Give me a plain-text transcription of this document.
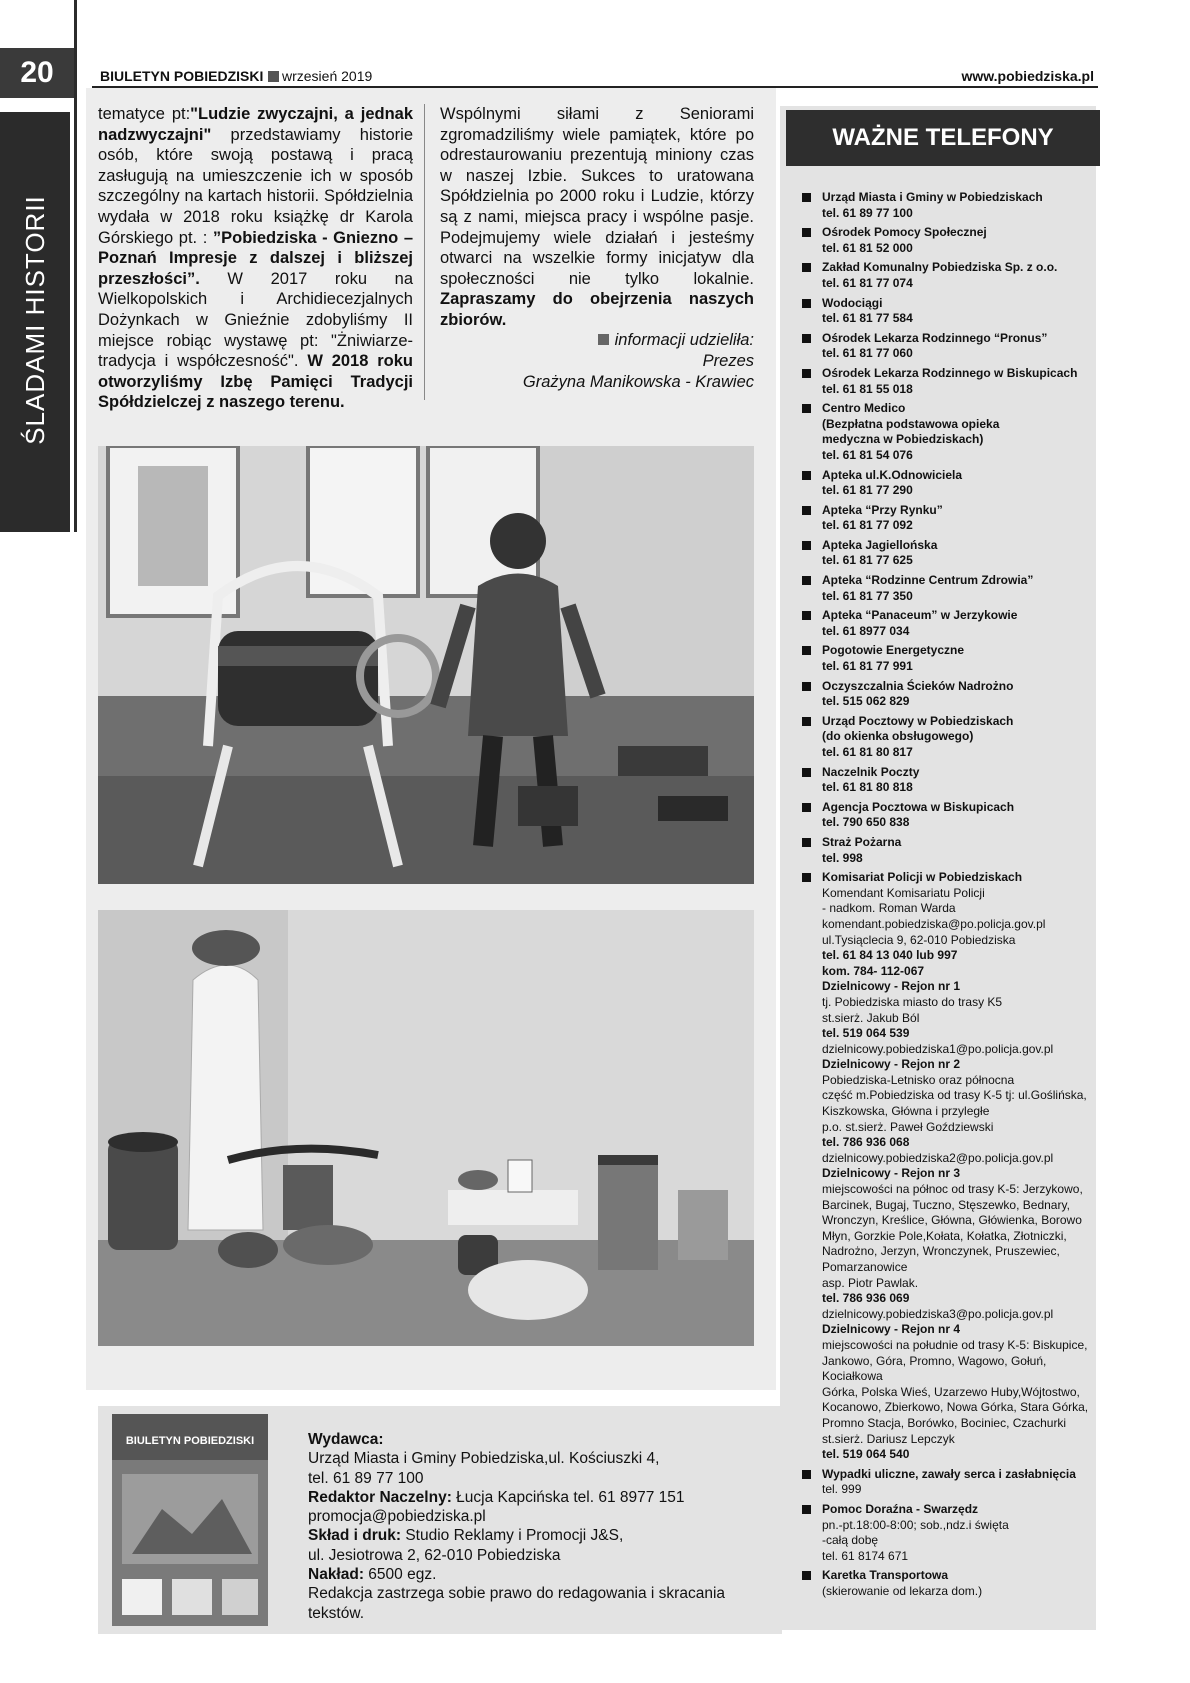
20
ŚLADAMI HISTORII
BIULETYN POBIEDZISKI wrzesień 2019	www.pobiedziska.pl
tematyce pt:"Ludzie zwyczajni, a jednak nadzwyczajni" przedstawiamy historie osób, które swoją postawą i pracą zasługują na umieszczenie ich w sposób szczególny na kartach historii. Spółdzielnia wydała w 2018 roku książkę dr Karola Górskiego pt. : ”Pobiedziska - Gniezno – Poznań Impresje z dalszej i bliższej przeszłości”. W 2017 roku na Wielkopolskich i Archidiecezjalnych Dożynkach w Gnieźnie zdobyliśmy II miejsce robiąc wystawę pt: "Żniwiarze-tradycja i współczesność". W 2018 roku otworzyliśmy Izbę Pamięci Tradycji Spółdzielczej z naszego terenu.
Wspólnymi siłami z Seniorami zgromadziliśmy wiele pamiątek, które po odrestaurowaniu prezentują miniony czas w naszej Izbie. Sukces to uratowana Spółdzielnia po 2000 roku i Ludzie, którzy są z nami, miejsca pracy i wspólne pasje. Podejmujemy wiele działań i jesteśmy otwarci na wszelkie formy inicjatyw dla społeczności nie tylko lokalnie. Zapraszamy do obejrzenia naszych zbiorów.
informacji udzieliła:
Prezes
Grażyna Manikowska - Krawiec
WAŻNE TELEFONY
Urząd Miasta i Gminy w Pobiedziskach
tel. 61 89 77 100
Ośrodek Pomocy Społecznej
tel. 61 81 52 000
Zakład Komunalny Pobiedziska Sp. z o.o.
tel. 61 81 77 074
Wodociągi
tel. 61 81 77 584
Ośrodek Lekarza Rodzinnego “Pronus”
tel. 61 81 77 060
Ośrodek Lekarza Rodzinnego w Biskupicach
tel. 61 81 55 018
Centro Medico
(Bezpłatna podstawowa opieka
medyczna w Pobiedziskach)
tel. 61 81 54 076
Apteka ul.K.Odnowiciela
tel. 61 81 77 290
Apteka “Przy Rynku”
tel. 61 81 77 092
Apteka Jagiellońska
tel. 61 81 77 625
Apteka “Rodzinne Centrum Zdrowia”
tel. 61 81 77 350
Apteka “Panaceum” w Jerzykowie
tel. 61 8977 034
Pogotowie Energetyczne
tel. 61 81 77 991
Oczyszczalnia Ścieków Nadrożno
tel. 515 062 829
Urząd Pocztowy w Pobiedziskach
(do okienka obsługowego)
tel. 61 81 80 817
Naczelnik Poczty
tel. 61 81 80 818
Agencja Pocztowa w Biskupicach
tel. 790 650 838
Straż Pożarna
tel. 998
Komisariat Policji w Pobiedziskach
Komendant Komisariatu Policji
- nadkom. Roman Warda
komendant.pobiedziska@po.policja.gov.pl
ul.Tysiąclecia 9, 62-010 Pobiedziska
tel. 61 84 13 040 lub 997
kom. 784- 112-067
Dzielnicowy - Rejon nr 1
tj. Pobiedziska miasto do trasy K5
st.sierż. Jakub Ból
tel. 519 064 539
dzielnicowy.pobiedziska1@po.policja.gov.pl
Dzielnicowy - Rejon nr 2
Pobiedziska-Letnisko oraz północna
część m.Pobiedziska od trasy K-5 tj: ul.Goślińska,
Kiszkowska, Główna i przyległe
p.o. st.sierż. Paweł Goździewski
tel. 786 936 068
dzielnicowy.pobiedziska2@po.policja.gov.pl
Dzielnicowy - Rejon nr 3
miejscowości na północ od trasy K-5: Jerzykowo,
Barcinek, Bugaj, Tuczno, Stęszewko, Bednary,
Wronczyn, Kreślice, Główna, Główienka, Borowo
Młyn, Gorzkie Pole,Kołata, Kołatka, Złotniczki,
Nadrożno, Jerzyn, Wronczynek, Pruszewiec,
Pomarzanowice
asp. Piotr Pawlak.
tel. 786 936 069
dzielnicowy.pobiedziska3@po.policja.gov.pl
Dzielnicowy - Rejon nr 4
miejscowości na południe od trasy K-5: Biskupice,
Jankowo, Góra, Promno, Wagowo, Gołuń, Kociałkowa
Górka, Polska Wieś, Uzarzewo Huby,Wójtostwo,
Kocanowo, Zbierkowo, Nowa Górka, Stara Górka,
Promno Stacja, Borówko, Bociniec, Czachurki
st.sierż. Dariusz Lepczyk
tel. 519 064 540
Wypadki uliczne, zawały serca i zasłabnięcia
tel. 999
Pomoc Doraźna - Swarzędz
pn.-pt.18:00-8:00; sob.,ndz.i święta
-całą dobę
tel. 61 8174 671
Karetka Transportowa
(skierowanie od lekarza dom.)
BIULETYN POBIEDZISKI	Wydawca:
Urząd Miasta i Gminy Pobiedziska,ul. Kościuszki 4,
tel. 61 89 77 100
Redaktor Naczelny: Łucja Kapcińska tel. 61 8977 151
promocja@pobiedziska.pl
Skład i druk: Studio Reklamy i Promocji J&S,
ul. Jesiotrowa 2, 62-010 Pobiedziska
Nakład: 6500 egz.
Redakcja zastrzega sobie prawo do redagowania i skracania tekstów.
